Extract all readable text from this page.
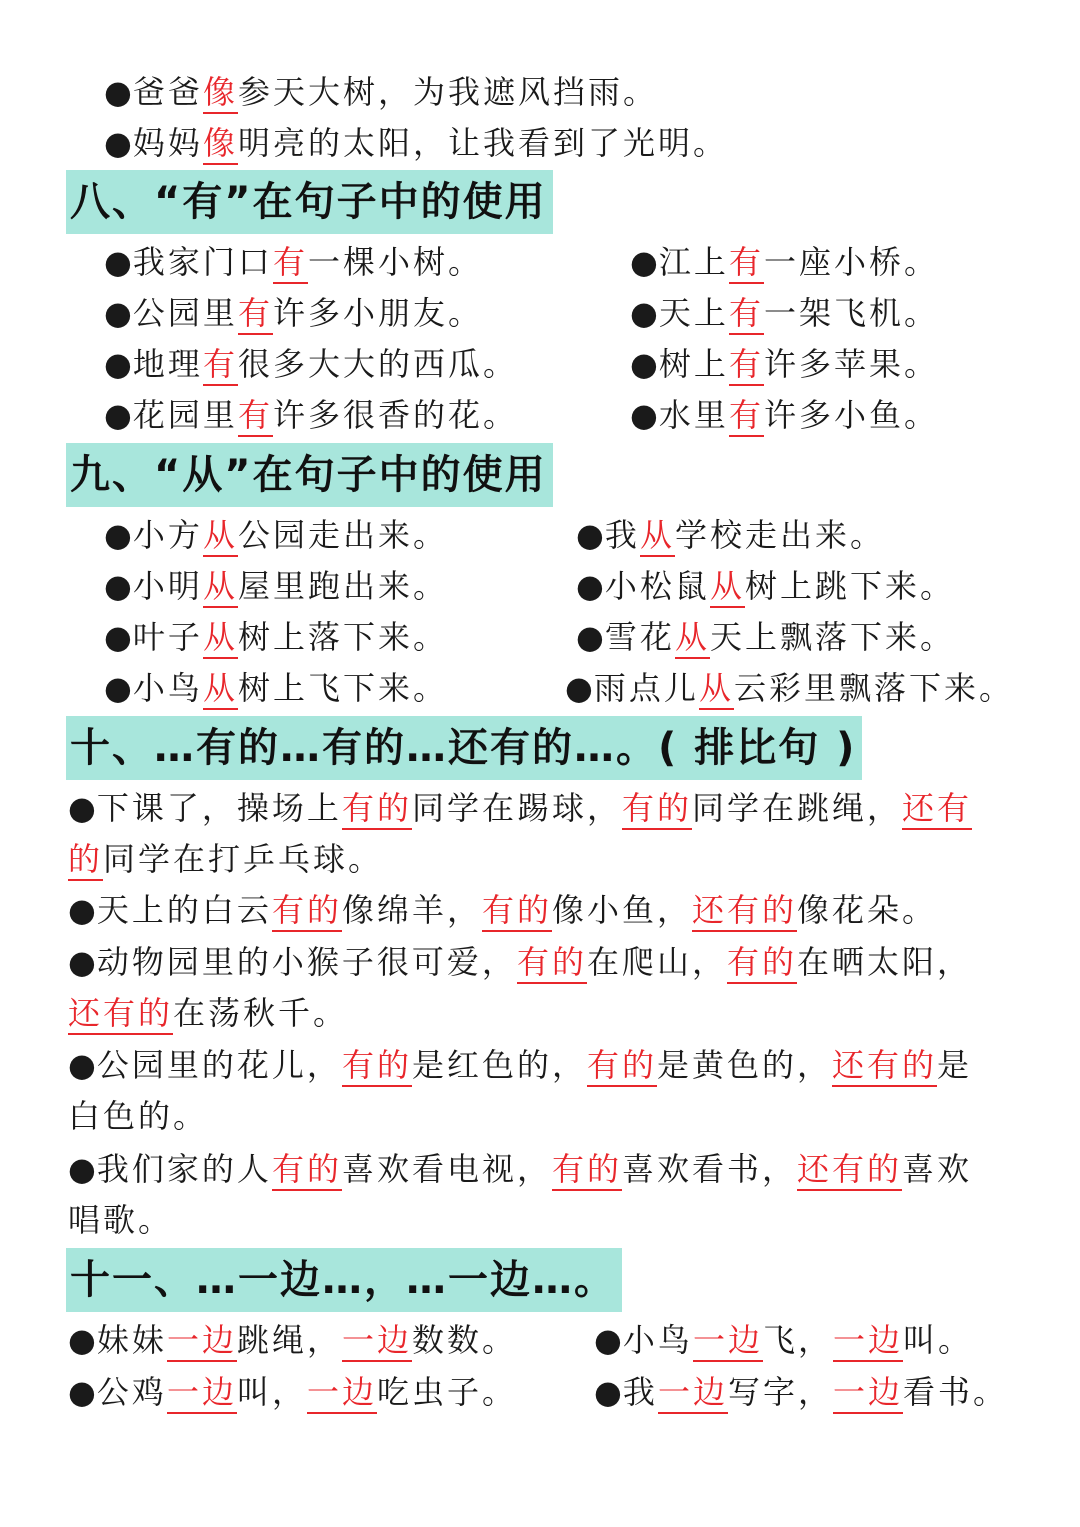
●爸爸像参天大树，为我遮风挡雨。
●妈妈像明亮的太阳，让我看到了光明。
八、“有”在句子中的使用
●我家门口有一棵小树。
●公园里有许多小朋友。
●地理有很多大大的西瓜。
●花园里有许多很香的花。
●江上有一座小桥。
●天上有一架飞机。
●树上有许多苹果。
●水里有许多小鱼。
九、“从”在句子中的使用
●小方从公园走出来。
●小明从屋里跑出来。
●叶子从树上落下来。
●小鸟从树上飞下来。
●我从学校走出来。
●小松鼠从树上跳下来。
●雪花从天上飘落下来。
●雨点儿从云彩里飘落下来。
十、…有的…有的…还有的…。( 排比句 )
●下课了，操场上有的同学在踢球，有的同学在跳绳，还有
的同学在打乒乓球。
●天上的白云有的像绵羊，有的像小鱼，还有的像花朵。
●动物园里的小猴子很可爱，有的在爬山，有的在晒太阳，
还有的在荡秋千。
●公园里的花儿，有的是红色的，有的是黄色的，还有的是
白色的。
●我们家的人有的喜欢看电视，有的喜欢看书，还有的喜欢
唱歌。
十一、…一边…，…一边…。
●妹妹一边跳绳，一边数数。 ●小鸟一边飞，一边叫。
●公鸡一边叫，一边吃虫子。 ●我一边写字，一边看书。
